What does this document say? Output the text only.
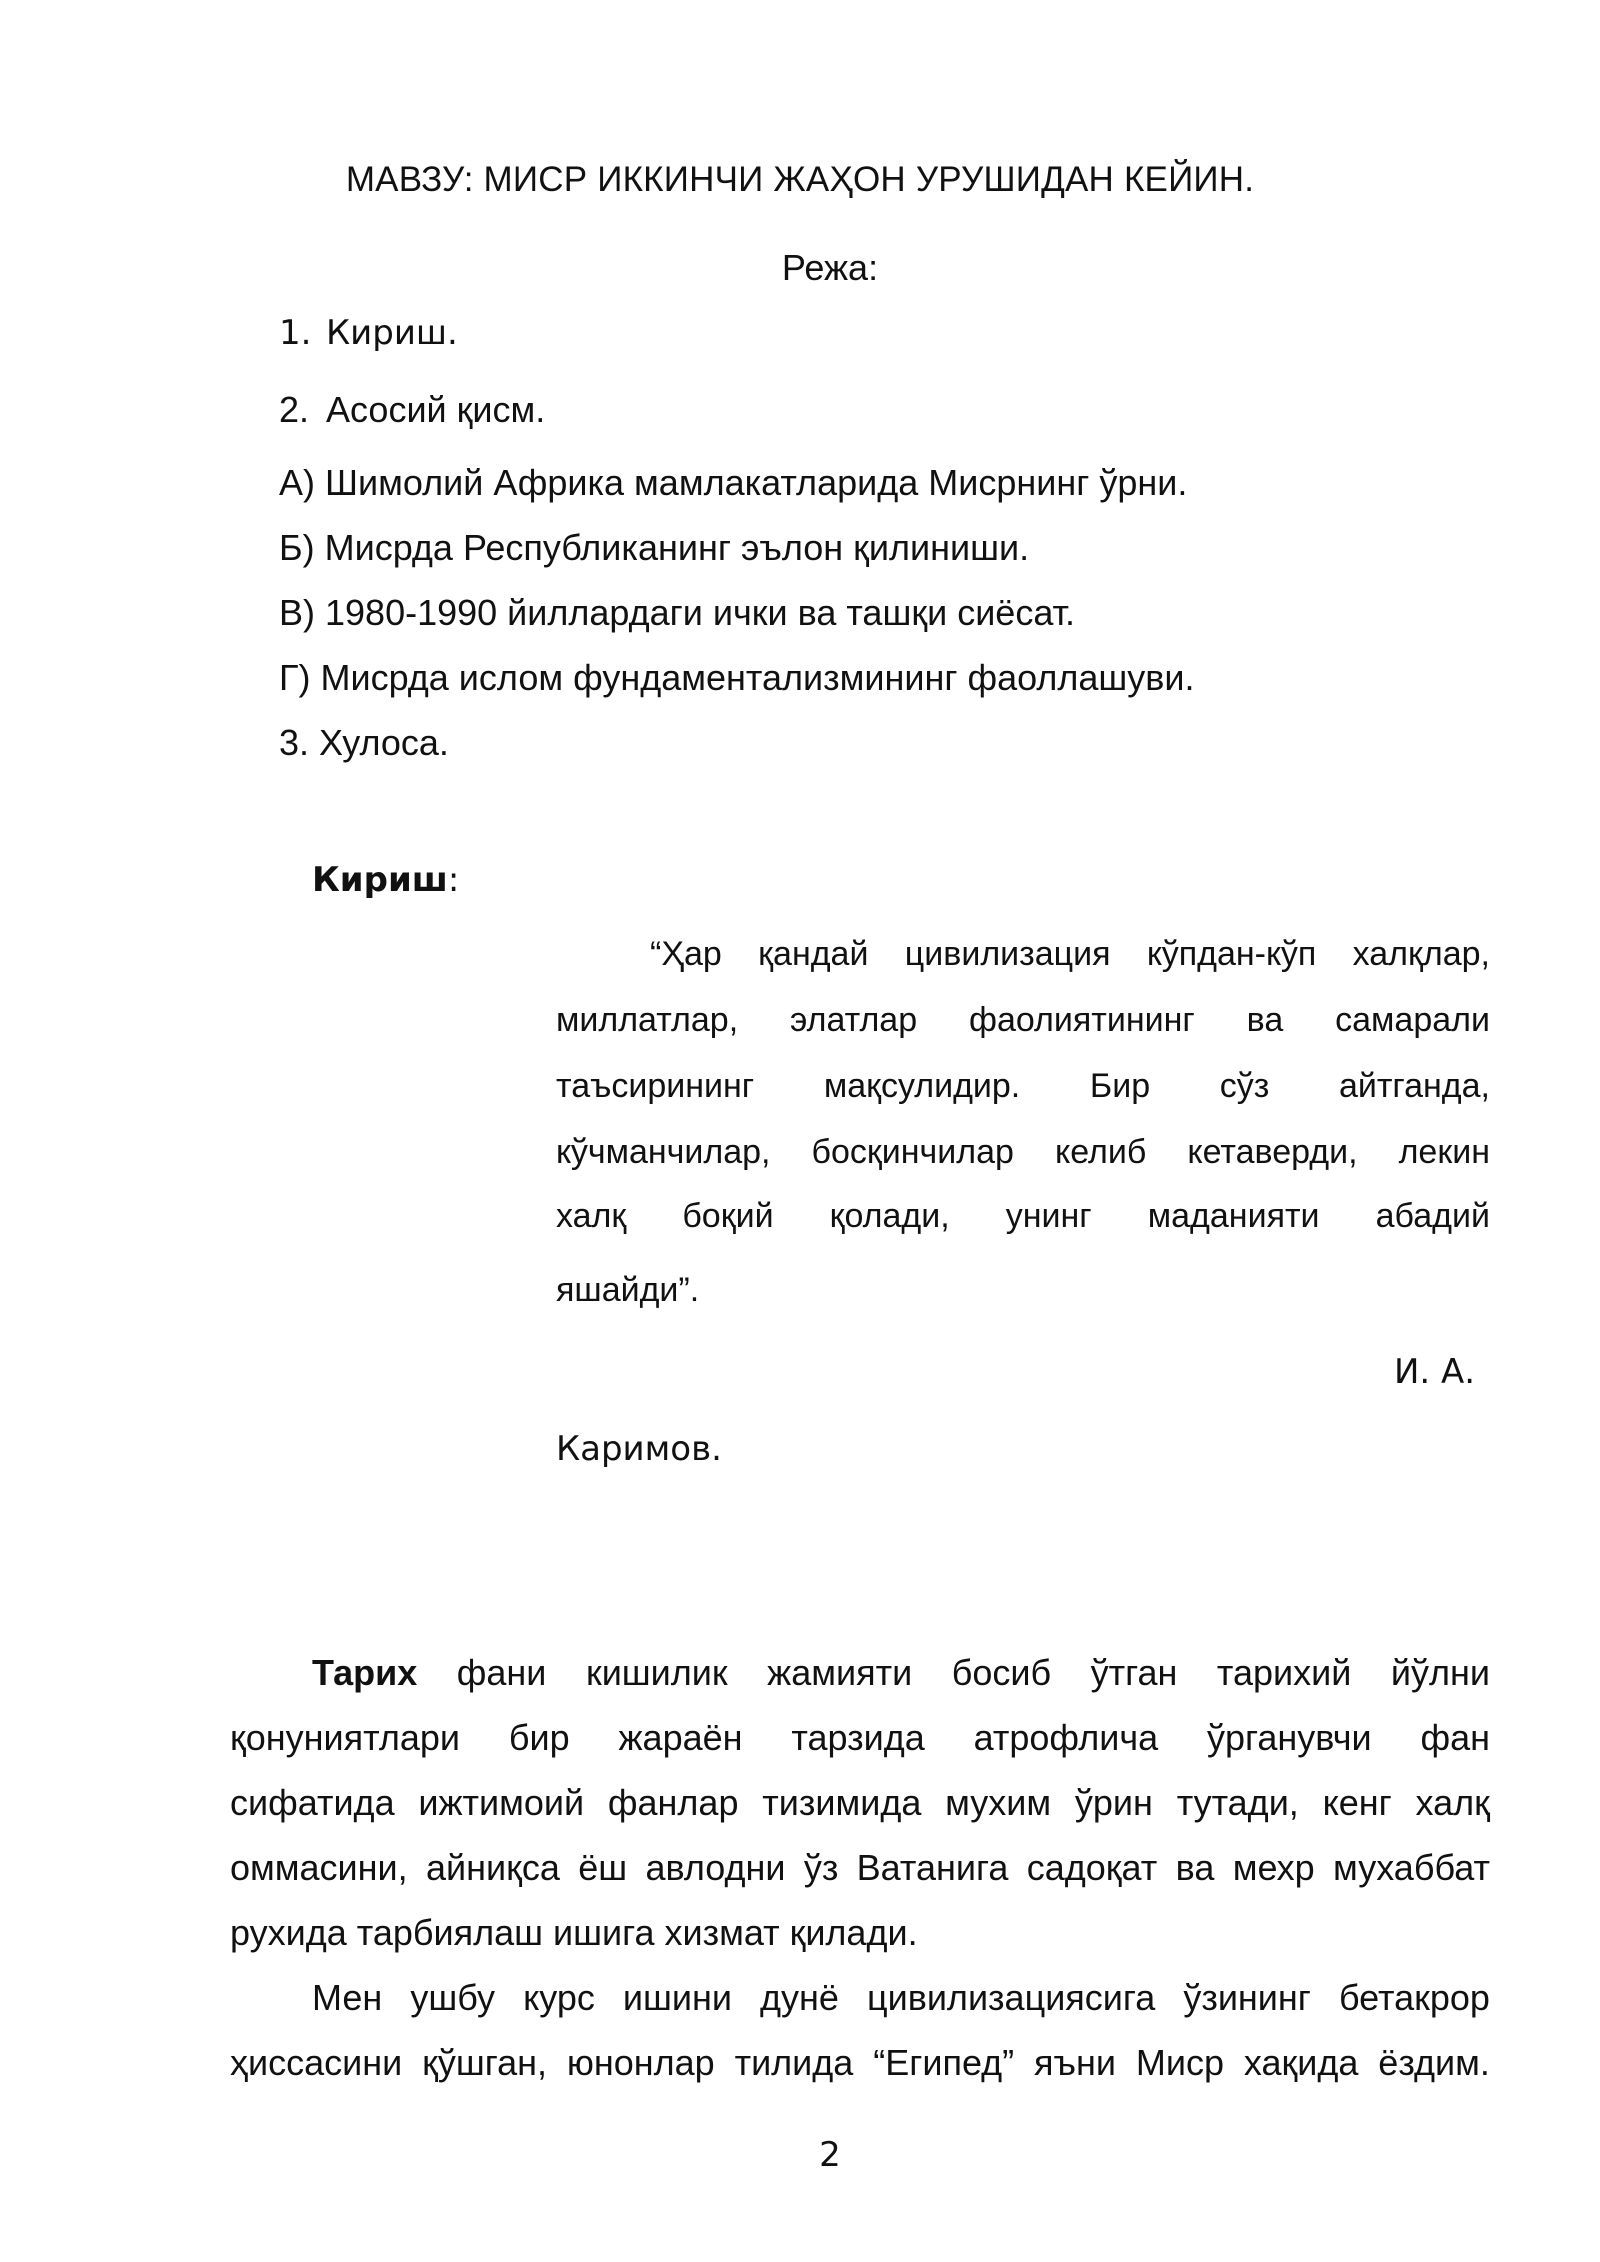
МАВЗУ: МИСР ИККИНЧИ ЖАҲОН УРУШИДАН КЕЙИН.
Режа:
1. Кириш.
2. Асосий қисм.
А) Шимолий Африка мамлакатларида Мисрнинг ўрни.
Б) Мисрда Республиканинг эълон қилиниши.
В) 1980-1990 йиллардаги ички ва ташқи сиёсат.
Г) Мисрда ислом фундаментализмининг фаоллашуви.
3. Хулоса.
Кириш:
“Ҳар қандай цивилизация кўпдан-кўп халқлар,
миллатлар, элатлар фаолиятининг ва самарали
таъсирининг мақсулидир. Бир сўз айтганда,
кўчманчилар, босқинчилар келиб кетаверди, лекин
халқ боқий қолади, унинг маданияти абадий
яшайди”.
И. А.
Каримов.
Тарих фани кишилик жамияти босиб ўтган тарихий йўлни
қонуниятлари бир жараён тарзида атрофлича ўрганувчи фан
сифатида ижтимоий фанлар тизимида мухим ўрин тутади, кенг халқ
оммасини, айниқса ёш авлодни ўз Ватанига садоқат ва мехр мухаббат
рухида тарбиялаш ишига хизмат қилади.
Мен ушбу курс ишини дунё цивилизациясига ўзининг бетакрор
ҳиссасини қўшган, юнонлар тилида “Египед” яъни Миср хақида ёздим.
2
